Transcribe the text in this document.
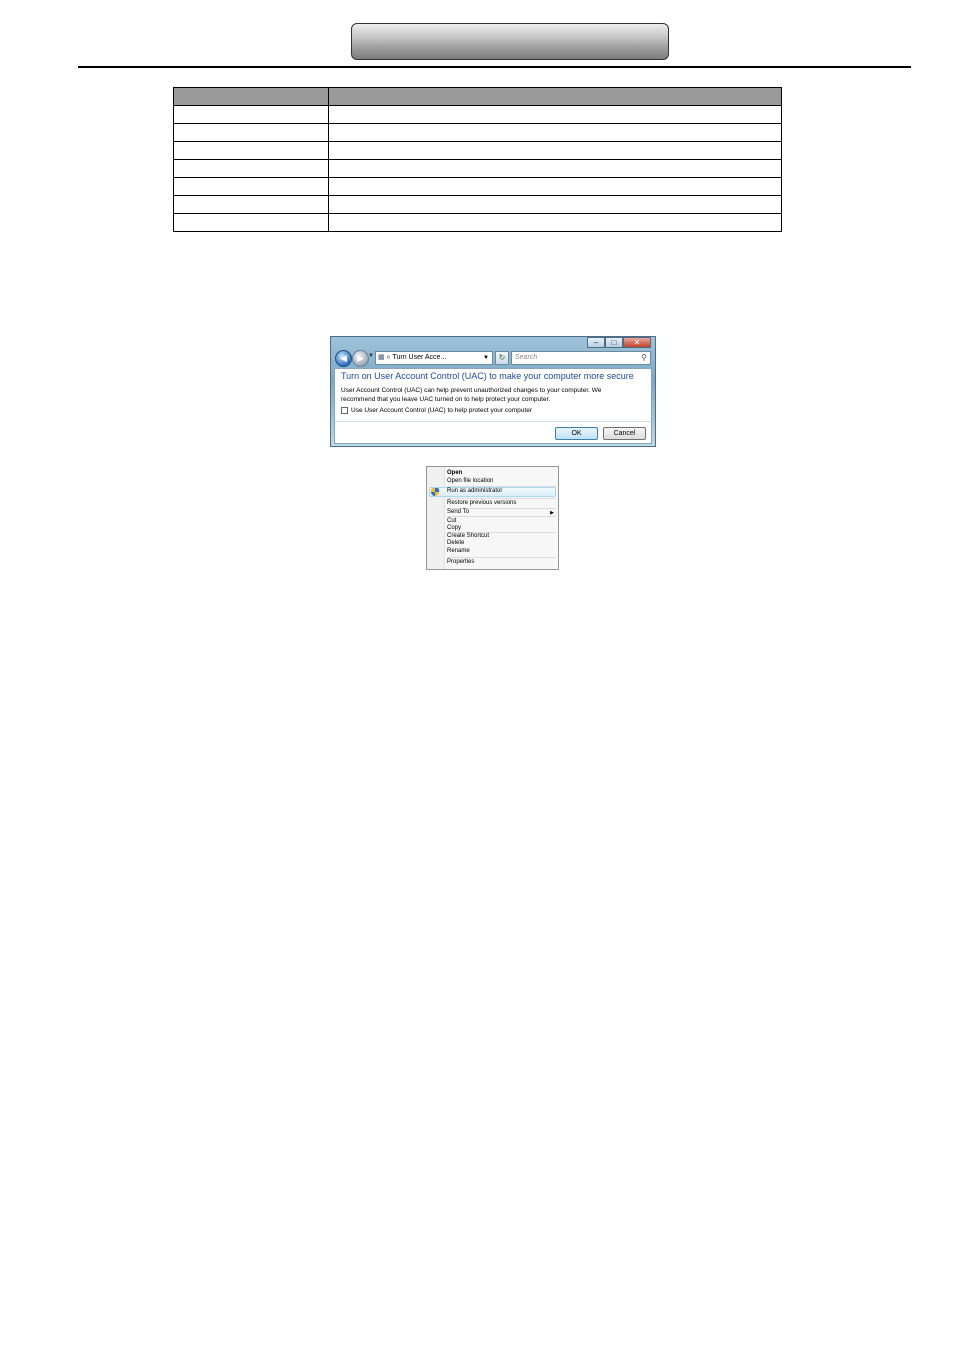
–	□	✕
◀	▶ ▼ ▦ « Turn User Acce...	▼	↻	Search	⚲
Turn on User Account Control (UAC) to make your computer more secure
User Account Control (UAC) can help prevent unauthorized changes to your computer. We
recommend that you leave UAC turned on to help protect your computer.
Use User Account Control (UAC) to help protect your computer
OK	Cancel
Open
Open file location
Run as administrator
Restore previous versions
Send To	▶
Cut
Copy
Create Shortcut
Delete
Rename
Properties
